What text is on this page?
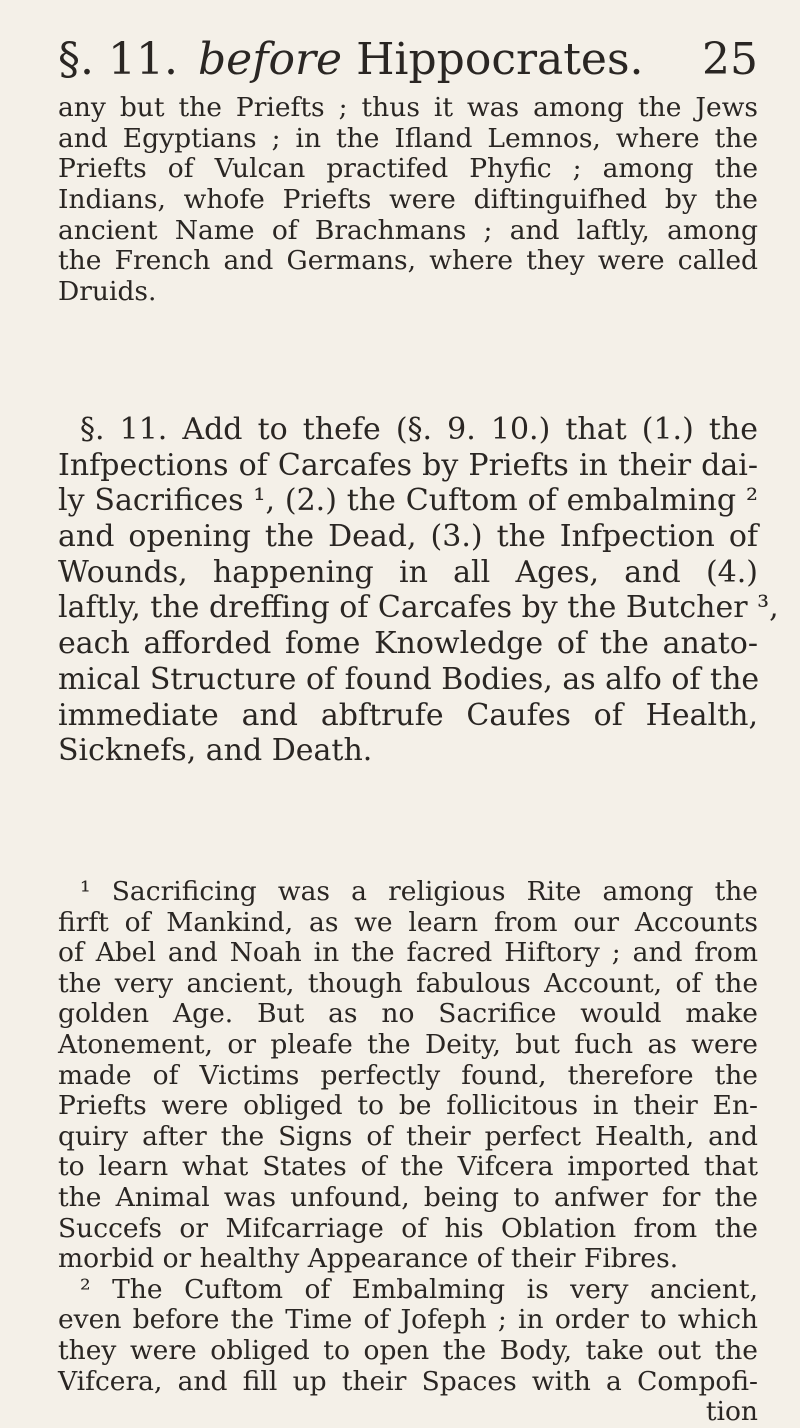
§. 11. before Hippocrates. 25
any but the Priefts ; thus it was among the Jews
and Egyptians ; in the Ifland Lemnos, where the
Priefts of Vulcan practifed Phyfic ; among the
Indians, whofe Priefts were diftinguifhed by the
ancient Name of Brachmans ; and laftly, among
the French and Germans, where they were called
Druids.
§. 11. Add to thefe (§. 9. 10.) that (1.) the
Infpections of Carcafes by Priefts in their dai-
ly Sacrifices ¹, (2.) the Cuftom of embalming ²
and opening the Dead, (3.) the Infpection of
Wounds, happening in all Ages, and (4.)
laftly, the dreffing of Carcafes by the Butcher ³,
each afforded fome Knowledge of the anato-
mical Structure of found Bodies, as alfo of the
immediate and abftrufe Caufes of Health,
Sicknefs, and Death.
¹ Sacrificing was a religious Rite among the
firft of Mankind, as we learn from our Accounts
of Abel and Noah in the facred Hiftory ; and from
the very ancient, though fabulous Account, of the
golden Age. But as no Sacrifice would make
Atonement, or pleafe the Deity, but fuch as were
made of Victims perfectly found, therefore the
Priefts were obliged to be follicitous in their En-
quiry after the Signs of their perfect Health, and
to learn what States of the Vifcera imported that
the Animal was unfound, being to anfwer for the
Succefs or Mifcarriage of his Oblation from the
morbid or healthy Appearance of their Fibres.
² The Cuftom of Embalming is very ancient,
even before the Time of Jofeph ; in order to which
they were obliged to open the Body, take out the
Vifcera, and fill up their Spaces with a Compofi-
tion
